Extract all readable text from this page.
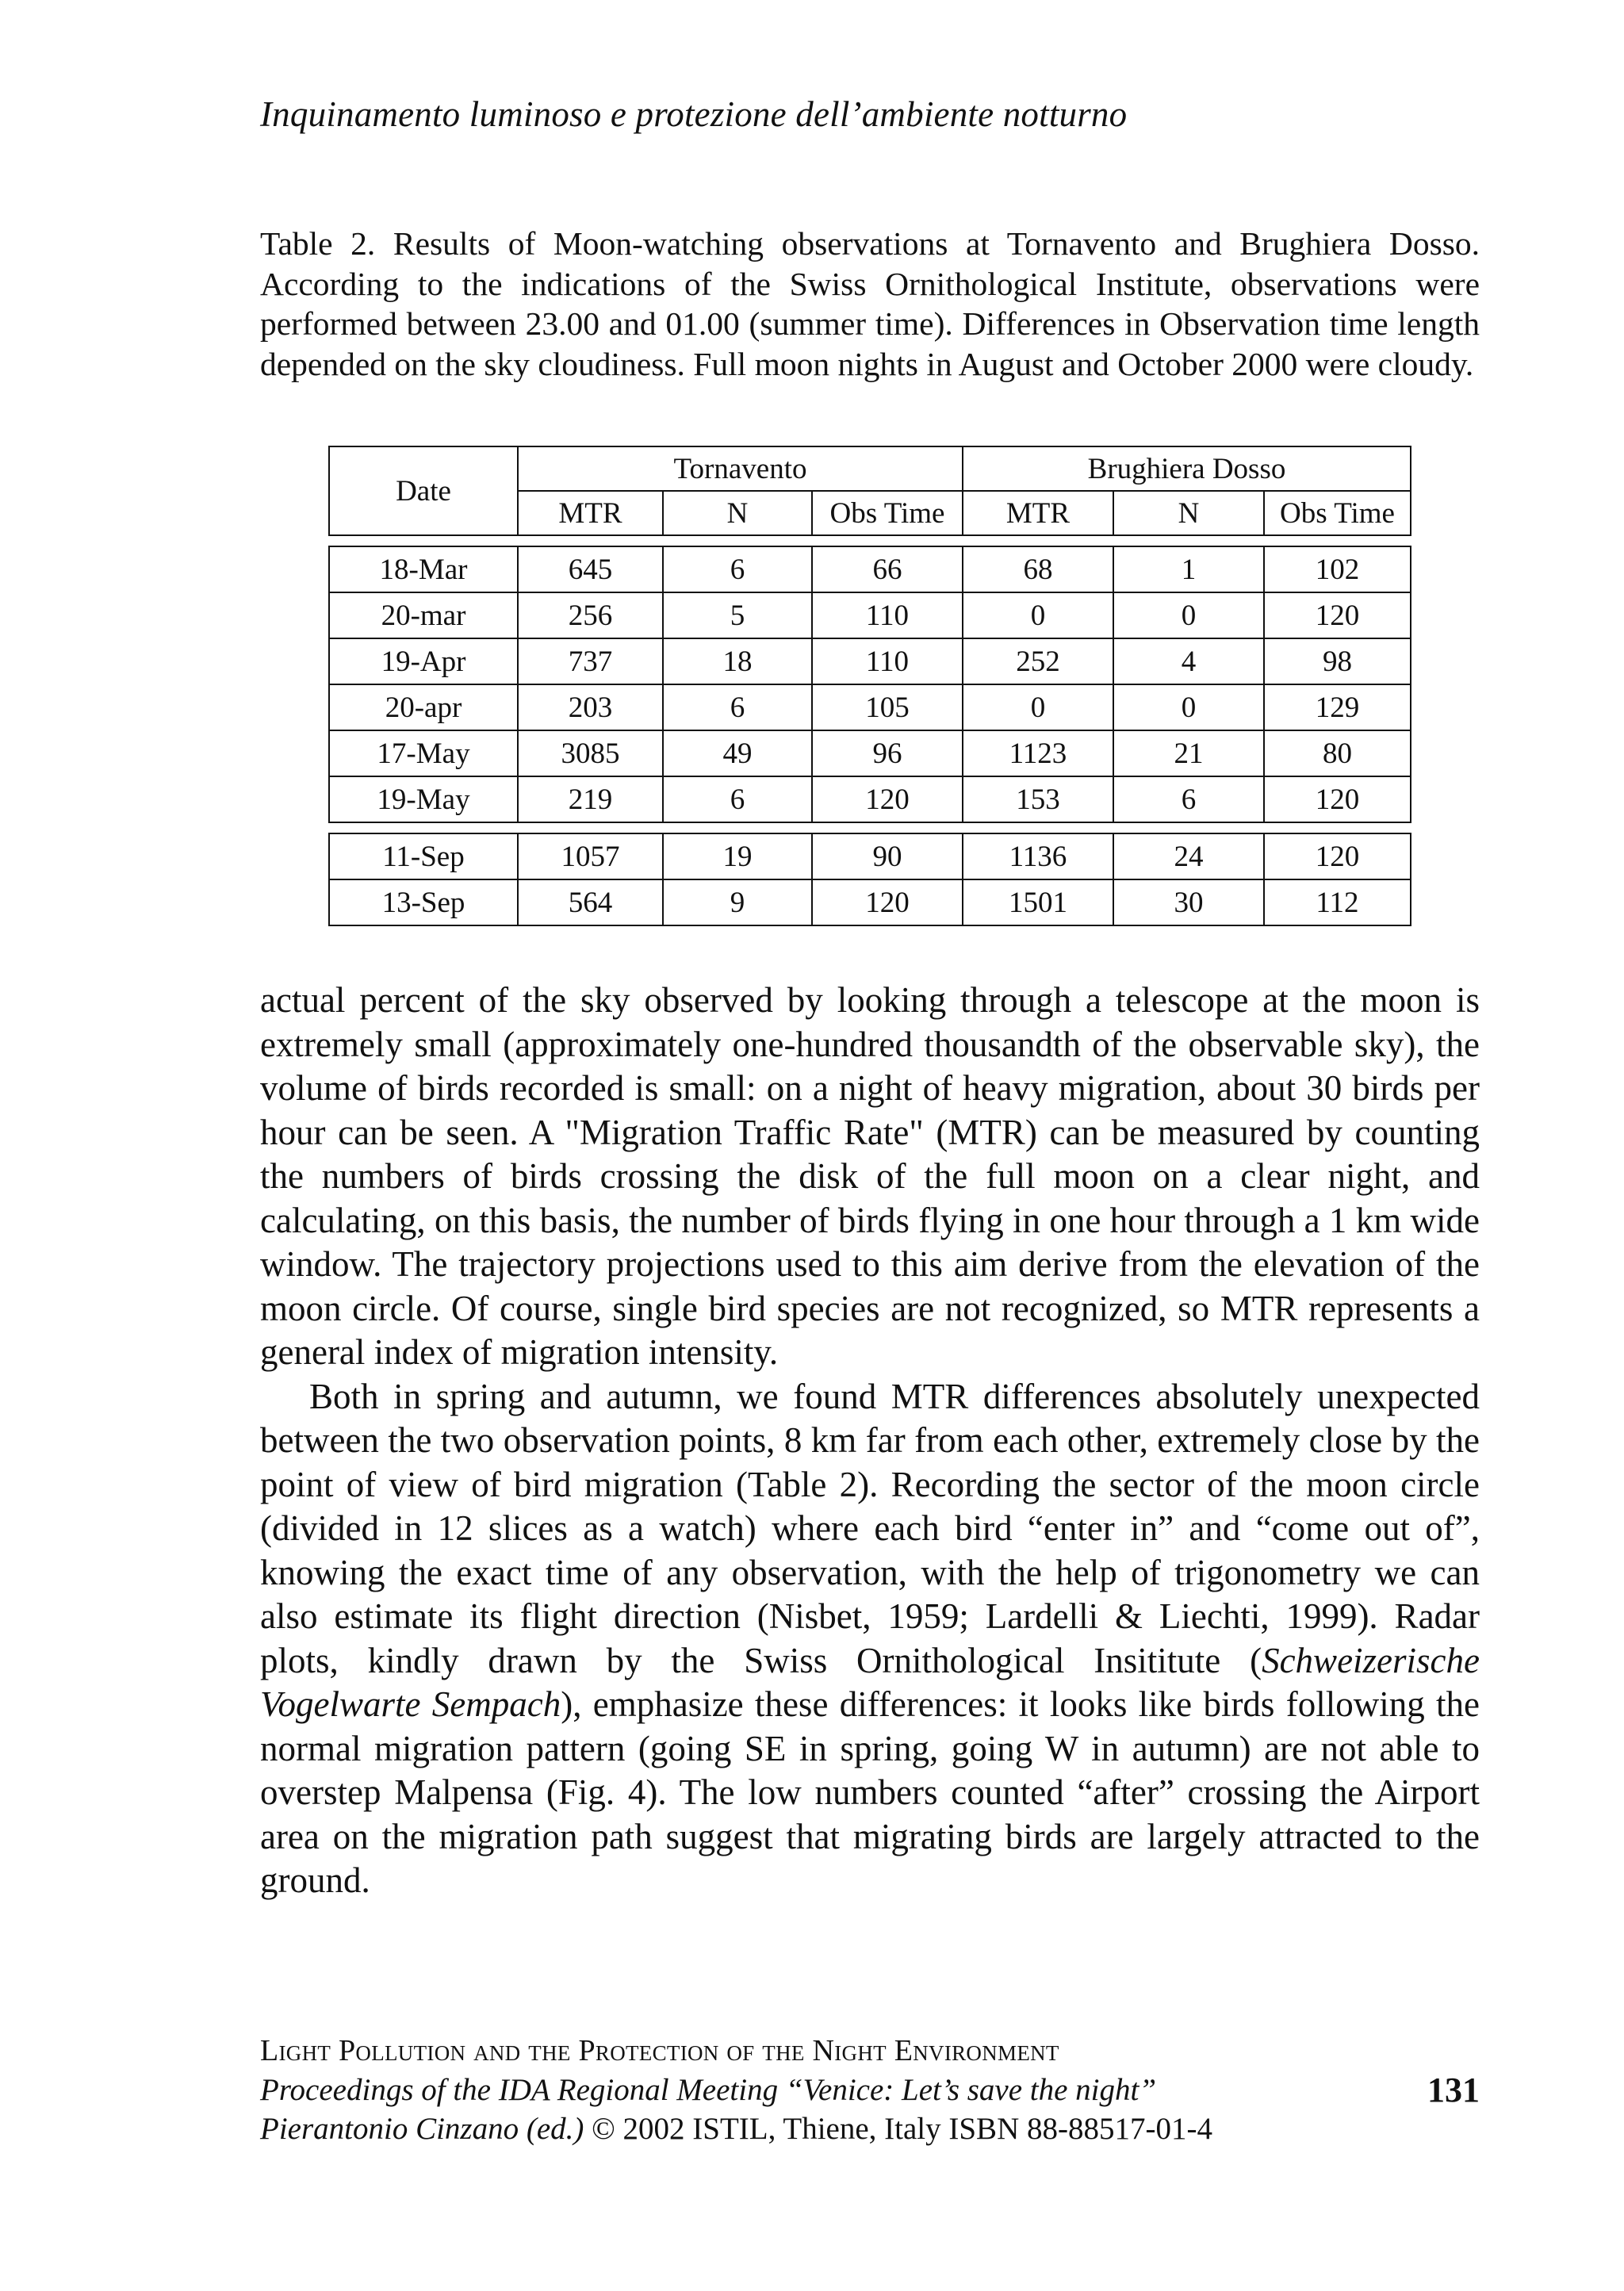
Inquinamento luminoso e protezione dell’ambiente notturno
Table 2. Results of Moon-watching observations at Tornavento and Brughiera Dosso. According to the indications of the Swiss Ornithological Institute, observations were performed between 23.00 and 01.00 (summer time). Differences in Observation time length depended on the sky cloudiness. Full moon nights in August and October 2000 were cloudy.
Date	Tornavento			Brughiera Dosso		
	MTR	N	Obs Time	MTR	N	Obs Time

18-Mar	645	6	66	68	1	102
20-mar	256	5	110	0	0	120
19-Apr	737	18	110	252	4	98
20-apr	203	6	105	0	0	129
17-May	3085	49	96	1123	21	80
19-May	219	6	120	153	6	120

11-Sep	1057	19	90	1136	24	120
13-Sep	564	9	120	1501	30	112

actual percent of the sky observed by looking through a telescope at the moon is extremely small (approximately one-hundred thousandth of the observable sky), the volume of birds recorded is small: on a night of heavy migration, about 30 birds per hour can be seen. A "Migration Traffic Rate" (MTR) can be measured by counting the numbers of birds crossing the disk of the full moon on a clear night, and calculating, on this basis, the number of birds flying in one hour through a 1 km wide window. The trajectory projections used to this aim derive from the elevation of the moon circle. Of course, single bird species are not recognized, so MTR represents a general index of migration intensity.

Both in spring and autumn, we found MTR differences absolutely unexpected between the two observation points, 8 km far from each other, extremely close by the point of view of bird migration (Table 2). Recording the sector of the moon circle (divided in 12 slices as a watch) where each bird “enter in” and “come out of”, knowing the exact time of any observation, with the help of trigonometry we can also estimate its flight direction (Nisbet, 1959; Lardelli & Liechti, 1999). Radar plots, kindly drawn by the Swiss Ornithological Insititute (Schweizerische Vogelwarte Sempach), emphasize these differences: it looks like birds following the normal migration pattern (going SE in spring, going W in autumn) are not able to overstep Malpensa (Fig. 4). The low numbers counted “after” crossing the Airport area on the migration path suggest that migrating birds are largely attracted to the ground.

Light Pollution and the Protection of the Night Environment
Proceedings of the IDA Regional Meeting “Venice: Let’s save the night”
Pierantonio Cinzano (ed.) © 2002 ISTIL, Thiene, Italy ISBN 88-88517-01-4
131
